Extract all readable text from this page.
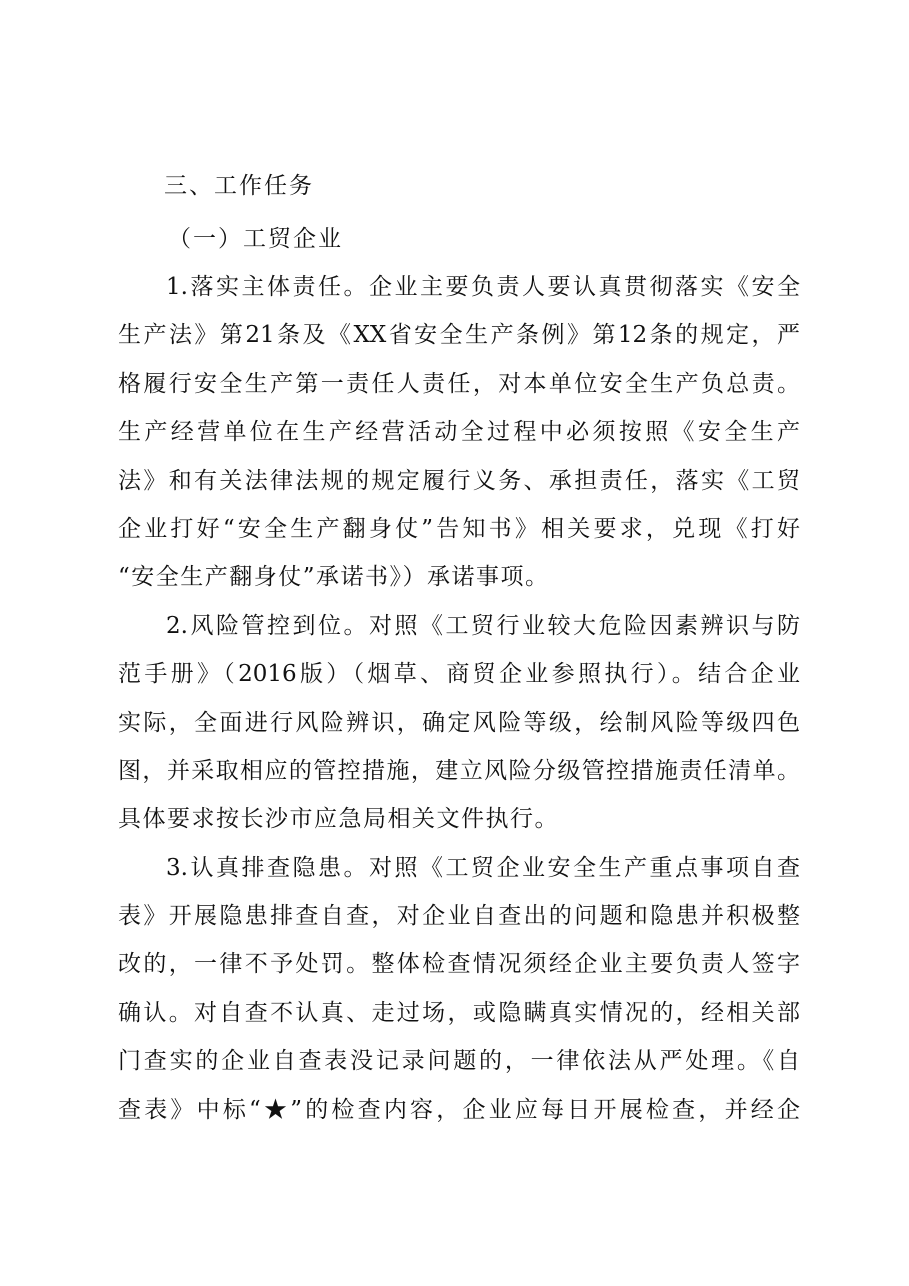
三、工作任务
（一）工贸企业
1.落实主体责任。企业主要负责人要认真贯彻落实《安全
生产法》第21条及《XX省安全生产条例》第12条的规定，严
格履行安全生产第一责任人责任，对本单位安全生产负总责。
生产经营单位在生产经营活动全过程中必须按照《安全生产
法》和有关法律法规的规定履行义务、承担责任，落实《工贸
企业打好“安全生产翻身仗”告知书》相关要求，兑现《打好
“安全生产翻身仗”承诺书》）承诺事项。
2.风险管控到位。对照《工贸行业较大危险因素辨识与防
范手册》（2016版）（烟草、商贸企业参照执行）。结合企业
实际，全面进行风险辨识，确定风险等级，绘制风险等级四色
图，并采取相应的管控措施，建立风险分级管控措施责任清单。
具体要求按长沙市应急局相关文件执行。
3.认真排查隐患。对照《工贸企业安全生产重点事项自查
表》开展隐患排查自查，对企业自查出的问题和隐患并积极整
改的，一律不予处罚。整体检查情况须经企业主要负责人签字
确认。对自查不认真、走过场，或隐瞒真实情况的，经相关部
门查实的企业自查表没记录问题的，一律依法从严处理。《自
查表》中标“★”的检查内容，企业应每日开展检查，并经企
